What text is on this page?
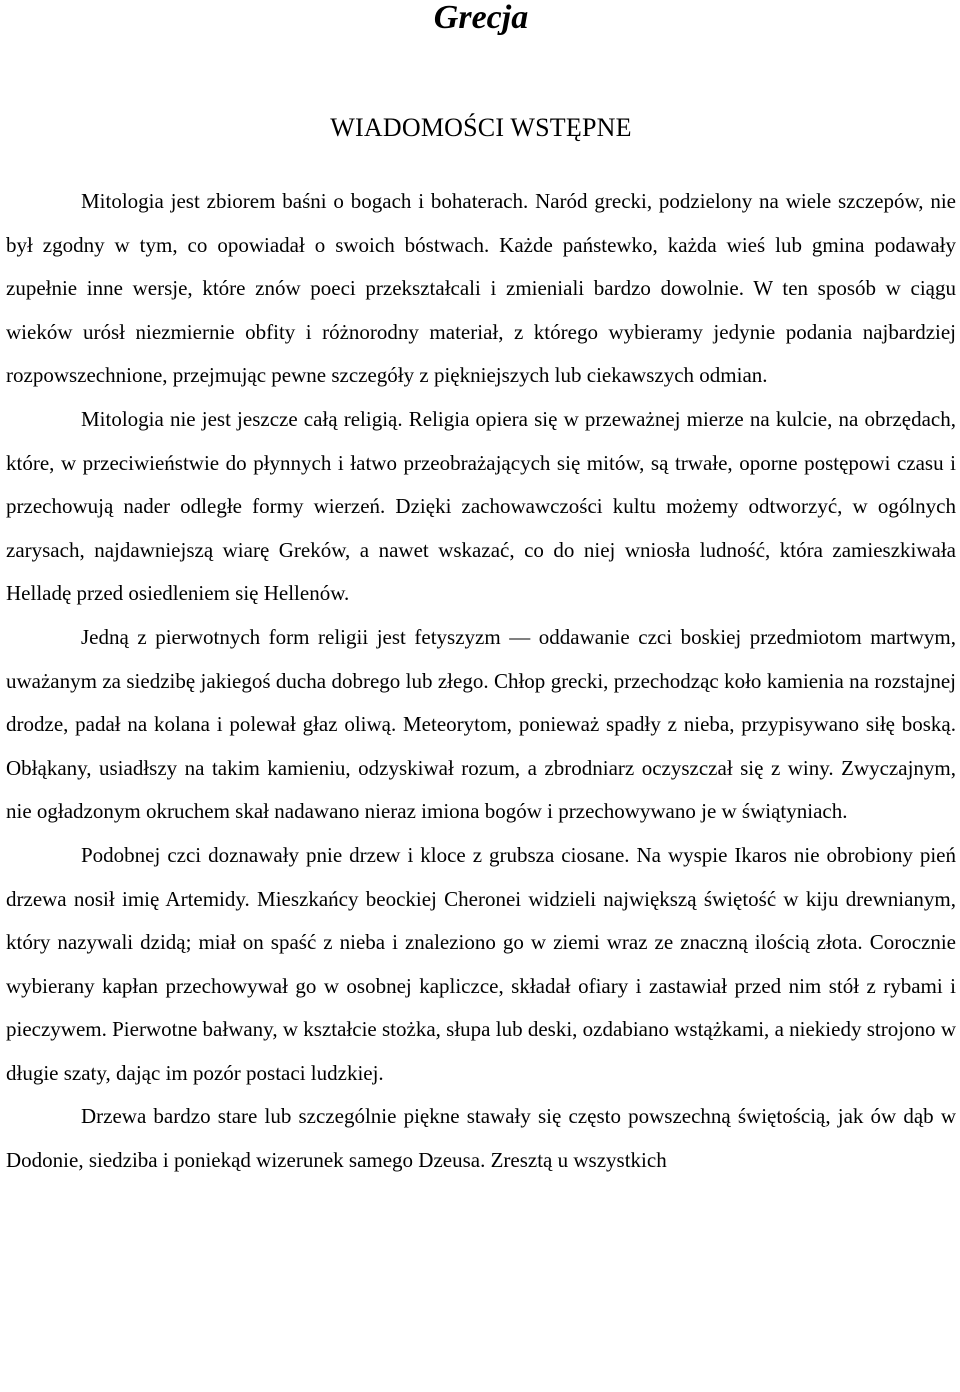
Grecja
WIADOMOŚCI WSTĘPNE

Mitologia jest zbiorem baśni o bogach i bohaterach. Naród grecki, podzielony na wiele szczepów, nie był zgodny w tym, co opowiadał o swoich bóstwach. Każde państewko, każda wieś lub gmina podawały zupełnie inne wersje, które znów poeci przekształcali i zmieniali bardzo dowolnie. W ten sposób w ciągu wieków urósł niezmiernie obfity i różnorodny materiał, z którego wybieramy jedynie podania najbardziej rozpowszechnione, przejmując pewne szczegóły z piękniejszych lub ciekawszych odmian.

Mitologia nie jest jeszcze całą religią. Religia opiera się w przeważnej mierze na kulcie, na obrzędach, które, w przeciwieństwie do płynnych i łatwo przeobrażających się mitów, są trwałe, oporne postępowi czasu i przechowują nader odległe formy wierzeń. Dzięki zachowawczości kultu możemy odtworzyć, w ogólnych zarysach, najdawniejszą wiarę Greków, a nawet wskazać, co do niej wniosła ludność, która zamieszkiwała Helladę przed osiedleniem się Hellenów.

Jedną z pierwotnych form religii jest fetyszyzm — oddawanie czci boskiej przedmiotom martwym, uważanym za siedzibę jakiegoś ducha dobrego lub złego. Chłop grecki, przechodząc koło kamienia na rozstajnej drodze, padał na kolana i polewał głaz oliwą. Meteorytom, ponieważ spadły z nieba, przypisywano siłę boską. Obłąkany, usiadłszy na takim kamieniu, odzyskiwał rozum, a zbrodniarz oczyszczał się z winy. Zwyczajnym, nie ogładzonym okruchem skał nadawano nieraz imiona bogów i przechowywano je w świątyniach.

Podobnej czci doznawały pnie drzew i kloce z grubsza ciosane. Na wyspie Ikaros nie obrobiony pień drzewa nosił imię Artemidy. Mieszkańcy beockiej Cheronei widzieli największą świętość w kiju drewnianym, który nazywali dzidą; miał on spaść z nieba i znaleziono go w ziemi wraz ze znaczną ilością złota. Corocznie wybierany kapłan przechowywał go w osobnej kapliczce, składał ofiary i zastawiał przed nim stół z rybami i pieczywem. Pierwotne bałwany, w kształcie stożka, słupa lub deski, ozdabiano wstążkami, a niekiedy strojono w długie szaty, dając im pozór postaci ludzkiej.

Drzewa bardzo stare lub szczególnie piękne stawały się często powszechną świętością, jak ów dąb w Dodonie, siedziba i poniekąd wizerunek samego Dzeusa. Zresztą u wszystkich
